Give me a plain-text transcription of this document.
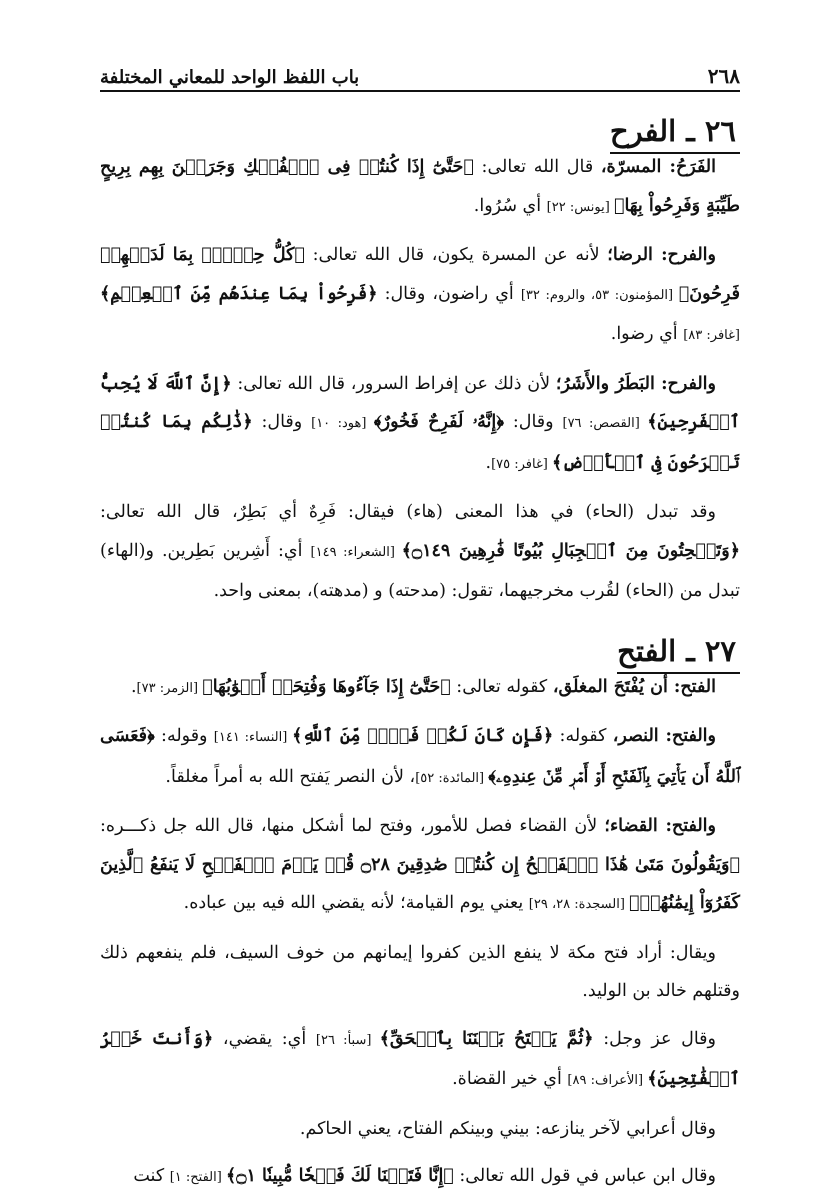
٢٦٨
باب اللفظ الواحد للمعاني المختلفة
٢٦ ـ الفرح

الفَرَحُ: المسرّة، قال الله تعالى: ﴿حَتَّىٰٓ إِذَا كُنتُمۡ فِى ٱلۡفُلۡكِ وَجَرَيۡنَ بِهِم بِرِيحٍ طَيِّبَةٍ وَفَرِحُواْ بِهَا﴾ [يونس: ٢٢] أي سُرُوا.

والفرح: الرضا؛ لأنه عن المسرة يكون، قال الله تعالى: ﴿كُلُّ حِزۡبِۭ بِمَا لَدَيۡهِمۡ فَرِحُونَ﴾ [المؤمنون: ٥٣، والروم: ٣٢] أي راضون، وقال: ﴿فَرِحُواْ بِمَا عِندَهُم مِّنَ ٱلۡعِلۡمِ﴾ [غافر: ٨٣] أي رضوا.

والفرح: البَطَرُ والأَشَرُ؛ لأن ذلك عن إفراط السرور، قال الله تعالى: ﴿إِنَّ ٱللَّهَ لَا يُحِبُّ ٱلۡفَرِحِينَ﴾ [القصص: ٧٦] وقال: ﴿إِنَّهُۥ لَفَرِحٌ فَخُورٌ﴾ [هود: ١٠] وقال: ﴿ذَٰلِكُم بِمَا كُنتُمۡ تَفۡرَحُونَ فِى ٱلۡأَرۡضِ﴾ [غافر: ٧٥].

وقد تبدل (الحاء) في هذا المعنى (هاء) فيقال: فَرِهٌ أي بَطِرٌ، قال الله تعالى: ﴿وَتَنۡحِتُونَ مِنَ ٱلۡجِبَالِ بُيُوتًا فَٰرِهِينَ ۝١٤٩﴾ [الشعراء: ١٤٩] أي: أَشِرين بَطِرين. و(الهاء) تبدل من (الحاء) لقُرب مخرجيهما، تقول: (مدحته) و (مدهته)، بمعنى واحد.

٢٧ ـ الفتح

الفتح: أن يُفْتَحَ المغلَق، كقوله تعالى: ﴿حَتَّىٰٓ إِذَا جَآءُوهَا وَفُتِحَتۡ أَبۡوَٰبُهَا﴾ [الزمر: ٧٣].

والفتح: النصر، كقوله: ﴿فَإِن كَانَ لَكُمۡ فَتۡحٞ مِّنَ ٱللَّهِ﴾ [النساء: ١٤١] وقوله: ﴿فَعَسَى ٱللَّهُ أَن يَأۡتِيَ بِٱلۡفَتۡحِ أَوۡ أَمۡرٖ مِّنۡ عِندِهِۦ﴾ [المائدة: ٥٢]، لأن النصر يَفتح الله به أمراً مغلقاً.

والفتح: القضاء؛ لأن القضاء فصل للأمور، وفتح لما أشكل منها، قال الله جل ذكـــره: ﴿وَيَقُولُونَ مَتَىٰ هَٰذَا ٱلۡفَتۡحُ إِن كُنتُمۡ صَٰدِقِينَ ۝٢٨ قُلۡ يَوۡمَ ٱلۡفَتۡحِ لَا يَنفَعُ ٱلَّذِينَ كَفَرُوٓاْ إِيمَٰنُهُمۡ﴾ [السجدة: ٢٨، ٢٩] يعني يوم القيامة؛ لأنه يقضي الله فيه بين عباده.

ويقال: أراد فتح مكة لا ينفع الذين كفروا إيمانهم من خوف السيف، فلم ينفعهم ذلك وقتلهم خالد بن الوليد.

وقال عز وجل: ﴿ثُمَّ يَفۡتَحُ بَيۡنَنَا بِٱلۡحَقِّ﴾ [سبأ: ٢٦] أي: يقضي، ﴿وَأَنتَ خَيۡرُ ٱلۡفَٰتِحِينَ﴾ [الأعراف: ٨٩] أي خير القضاة.

وقال أعرابي لآخر ينازعه: بيني وبينكم الفتاح، يعني الحاكم.

وقال ابن عباس في قول الله تعالى: ﴿إِنَّا فَتَحۡنَا لَكَ فَتۡحٗا مُّبِينٗا ۝١﴾ [الفتح: ١] كنت
